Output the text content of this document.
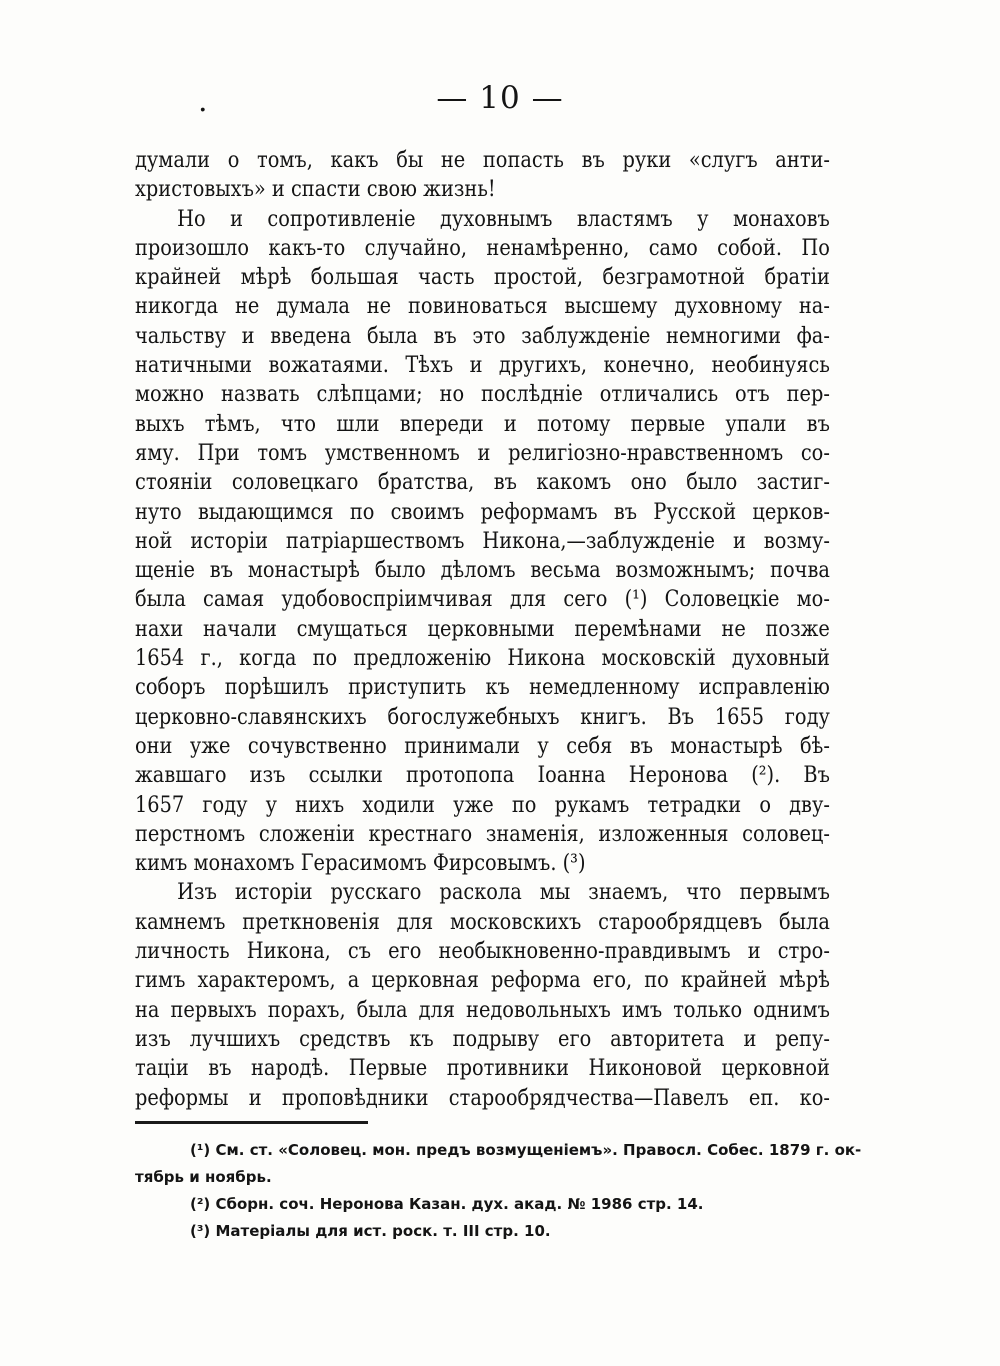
.	— 10 —
думали о томъ, какъ бы не попасть въ руки «слугъ анти-
христовыхъ» и спасти свою жизнь!
Но и сопротивленіе духовнымъ властямъ у монаховъ
произошло какъ-то случайно, ненамѣренно, само собой. По
крайней мѣрѣ большая часть простой, безграмотной братіи
никогда не думала не повиноваться высшему духовному на-
чальству и введена была въ это заблужденіе немногими фа-
натичными вожатаями. Тѣхъ и другихъ, конечно, необинуясь
можно назвать слѣпцами; но послѣдніе отличались отъ пер-
выхъ тѣмъ, что шли впереди и потому первые упали въ
яму. При томъ умственномъ и религіозно-нравственномъ со-
стояніи соловецкаго братства, въ какомъ оно было застиг-
нуто выдающимся по своимъ реформамъ въ Русской церков-
ной исторіи патріаршествомъ Никона,—заблужденіе и возму-
щеніе въ монастырѣ было дѣломъ весьма возможнымъ; почва
была самая удобовоспріимчивая для сего (¹) Соловецкіе мо-
нахи начали смущаться церковными перемѣнами не позже
1654 г., когда по предложенію Никона московскій духовный
соборъ порѣшилъ приступить къ немедленному исправленію
церковно-славянскихъ богослужебныхъ книгъ. Въ 1655 году
они уже сочувственно принимали у себя въ монастырѣ бѣ-
жавшаго изъ ссылки протопопа Іоанна Неронова (²). Въ
1657 году у нихъ ходили уже по рукамъ тетрадки о дву-
перстномъ сложеніи крестнаго знаменія, изложенныя соловец-
кимъ монахомъ Герасимомъ Фирсовымъ. (³)
Изъ исторіи русскаго раскола мы знаемъ, что первымъ
камнемъ преткновенія для московскихъ старообрядцевъ была
личность Никона, съ его необыкновенно-правдивымъ и стро-
гимъ характеромъ, а церковная реформа его, по крайней мѣрѣ
на первыхъ порахъ, была для недовольныхъ имъ только однимъ
изъ лучшихъ средствъ къ подрыву его авторитета и репу-
таціи въ народѣ. Первые противники Никоновой церковной
реформы и проповѣдники старообрядчества—Павелъ еп. ко-
(¹) См. ст. «Соловец. мон. предъ возмущеніемъ». Правосл. Собес. 1879 г. ок-
тябрь и ноябрь.
(²) Сборн. соч. Неронова Казан. дух. акад. № 1986 стр. 14.
(³) Матеріалы для ист. роск. т. III стр. 10.
